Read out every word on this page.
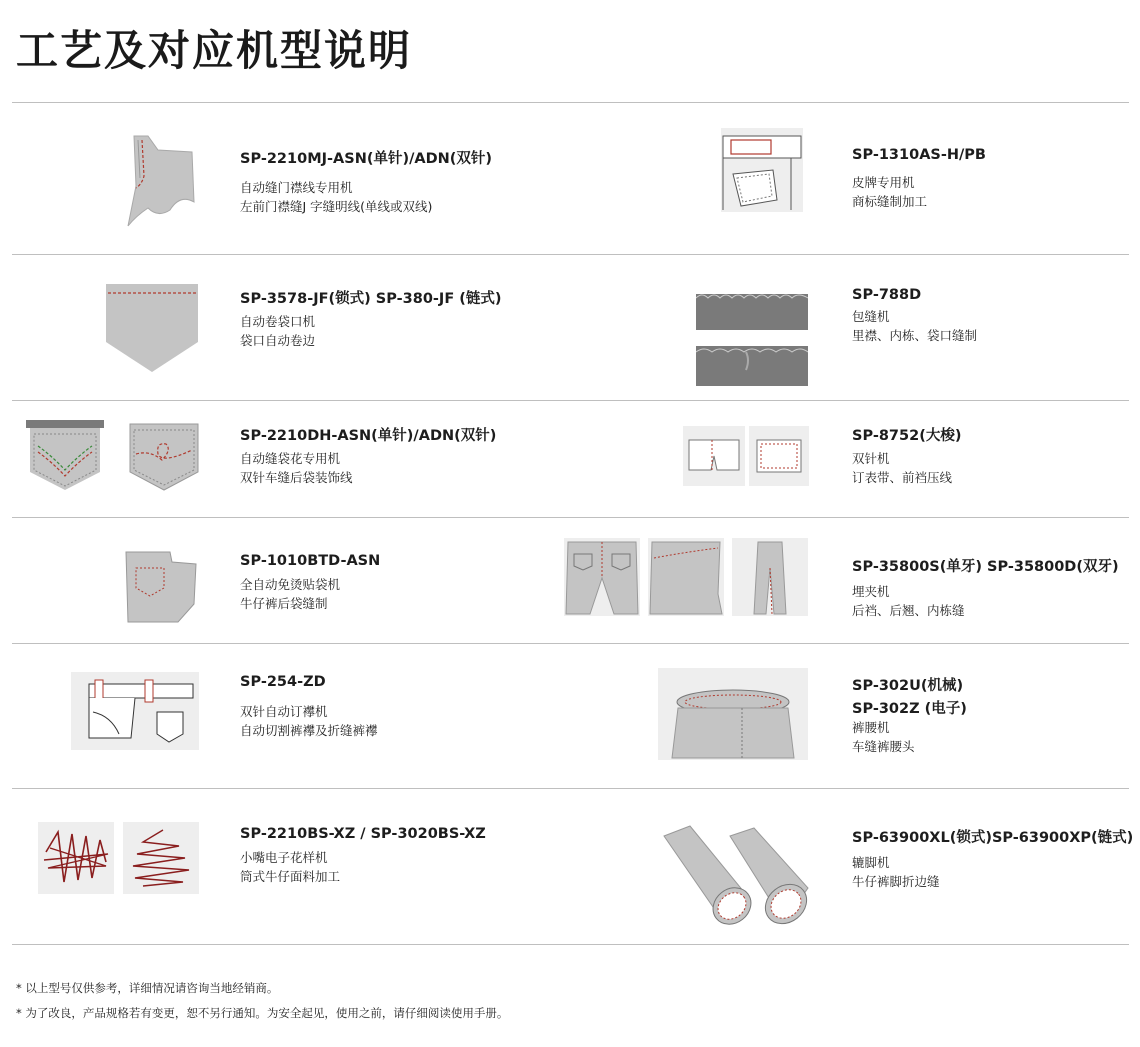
工艺及对应机型说明
SP-2210MJ-ASN(单针)/ADN(双针)
自动缝门襟线专用机
左前门襟缝J 字缝明线(单线或双线)
SP-1310AS-H/PB
皮牌专用机
商标缝制加工
SP-3578-JF(锁式) SP-380-JF (链式)
自动卷袋口机
袋口自动卷边
SP-788D
包缝机
里襟、内栋、袋口缝制
SP-2210DH-ASN(单针)/ADN(双针)
自动缝袋花专用机
双针车缝后袋装饰线
SP-8752(大梭)
双针机
订表带、前裆压线
SP-1010BTD-ASN
全自动免烫贴袋机
牛仔裤后袋缝制
SP-35800S(单牙) SP-35800D(双牙)
埋夹机
后裆、后翘、内栋缝
SP-254-ZD
双针自动订襻机
自动切割裤襻及折缝裤襻
SP-302U(机械)
SP-302Z (电子)
裤腰机
车缝裤腰头
SP-2210BS-XZ / SP-3020BS-XZ
小嘴电子花样机
筒式牛仔面料加工
SP-63900XL(锁式)SP-63900XP(链式)
辘脚机
牛仔裤脚折边缝
* 以上型号仅供参考，详细情况请咨询当地经销商。
* 为了改良，产品规格若有变更，恕不另行通知。为安全起见，使用之前，请仔细阅读使用手册。
